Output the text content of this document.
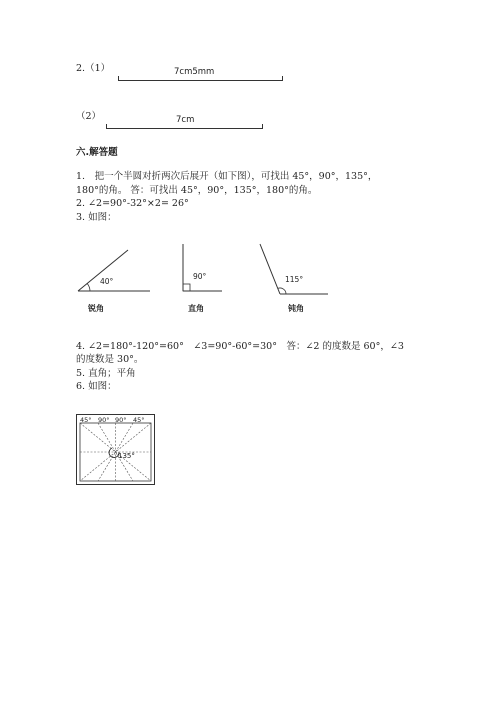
2.（1）	7cm5mm
（2）	7cm
六.解答题
1.　把一个半圆对折两次后展开（如下图），可找出 45°，90°，135°，
180°的角。 答：可找出 45°，90°，135°，180°的角。
2. ∠2=90°-32°×2= 26°
3. 如图：
40°
90°	115°
锐角	直角	钝角
4. ∠2=180°-120°=60°　∠3=90°-60°=30°　答：∠2 的度数是 60°，∠3
的度数是 30°。
5. 直角；平角
6. 如图：
45° 90° 90° 45°
135°
